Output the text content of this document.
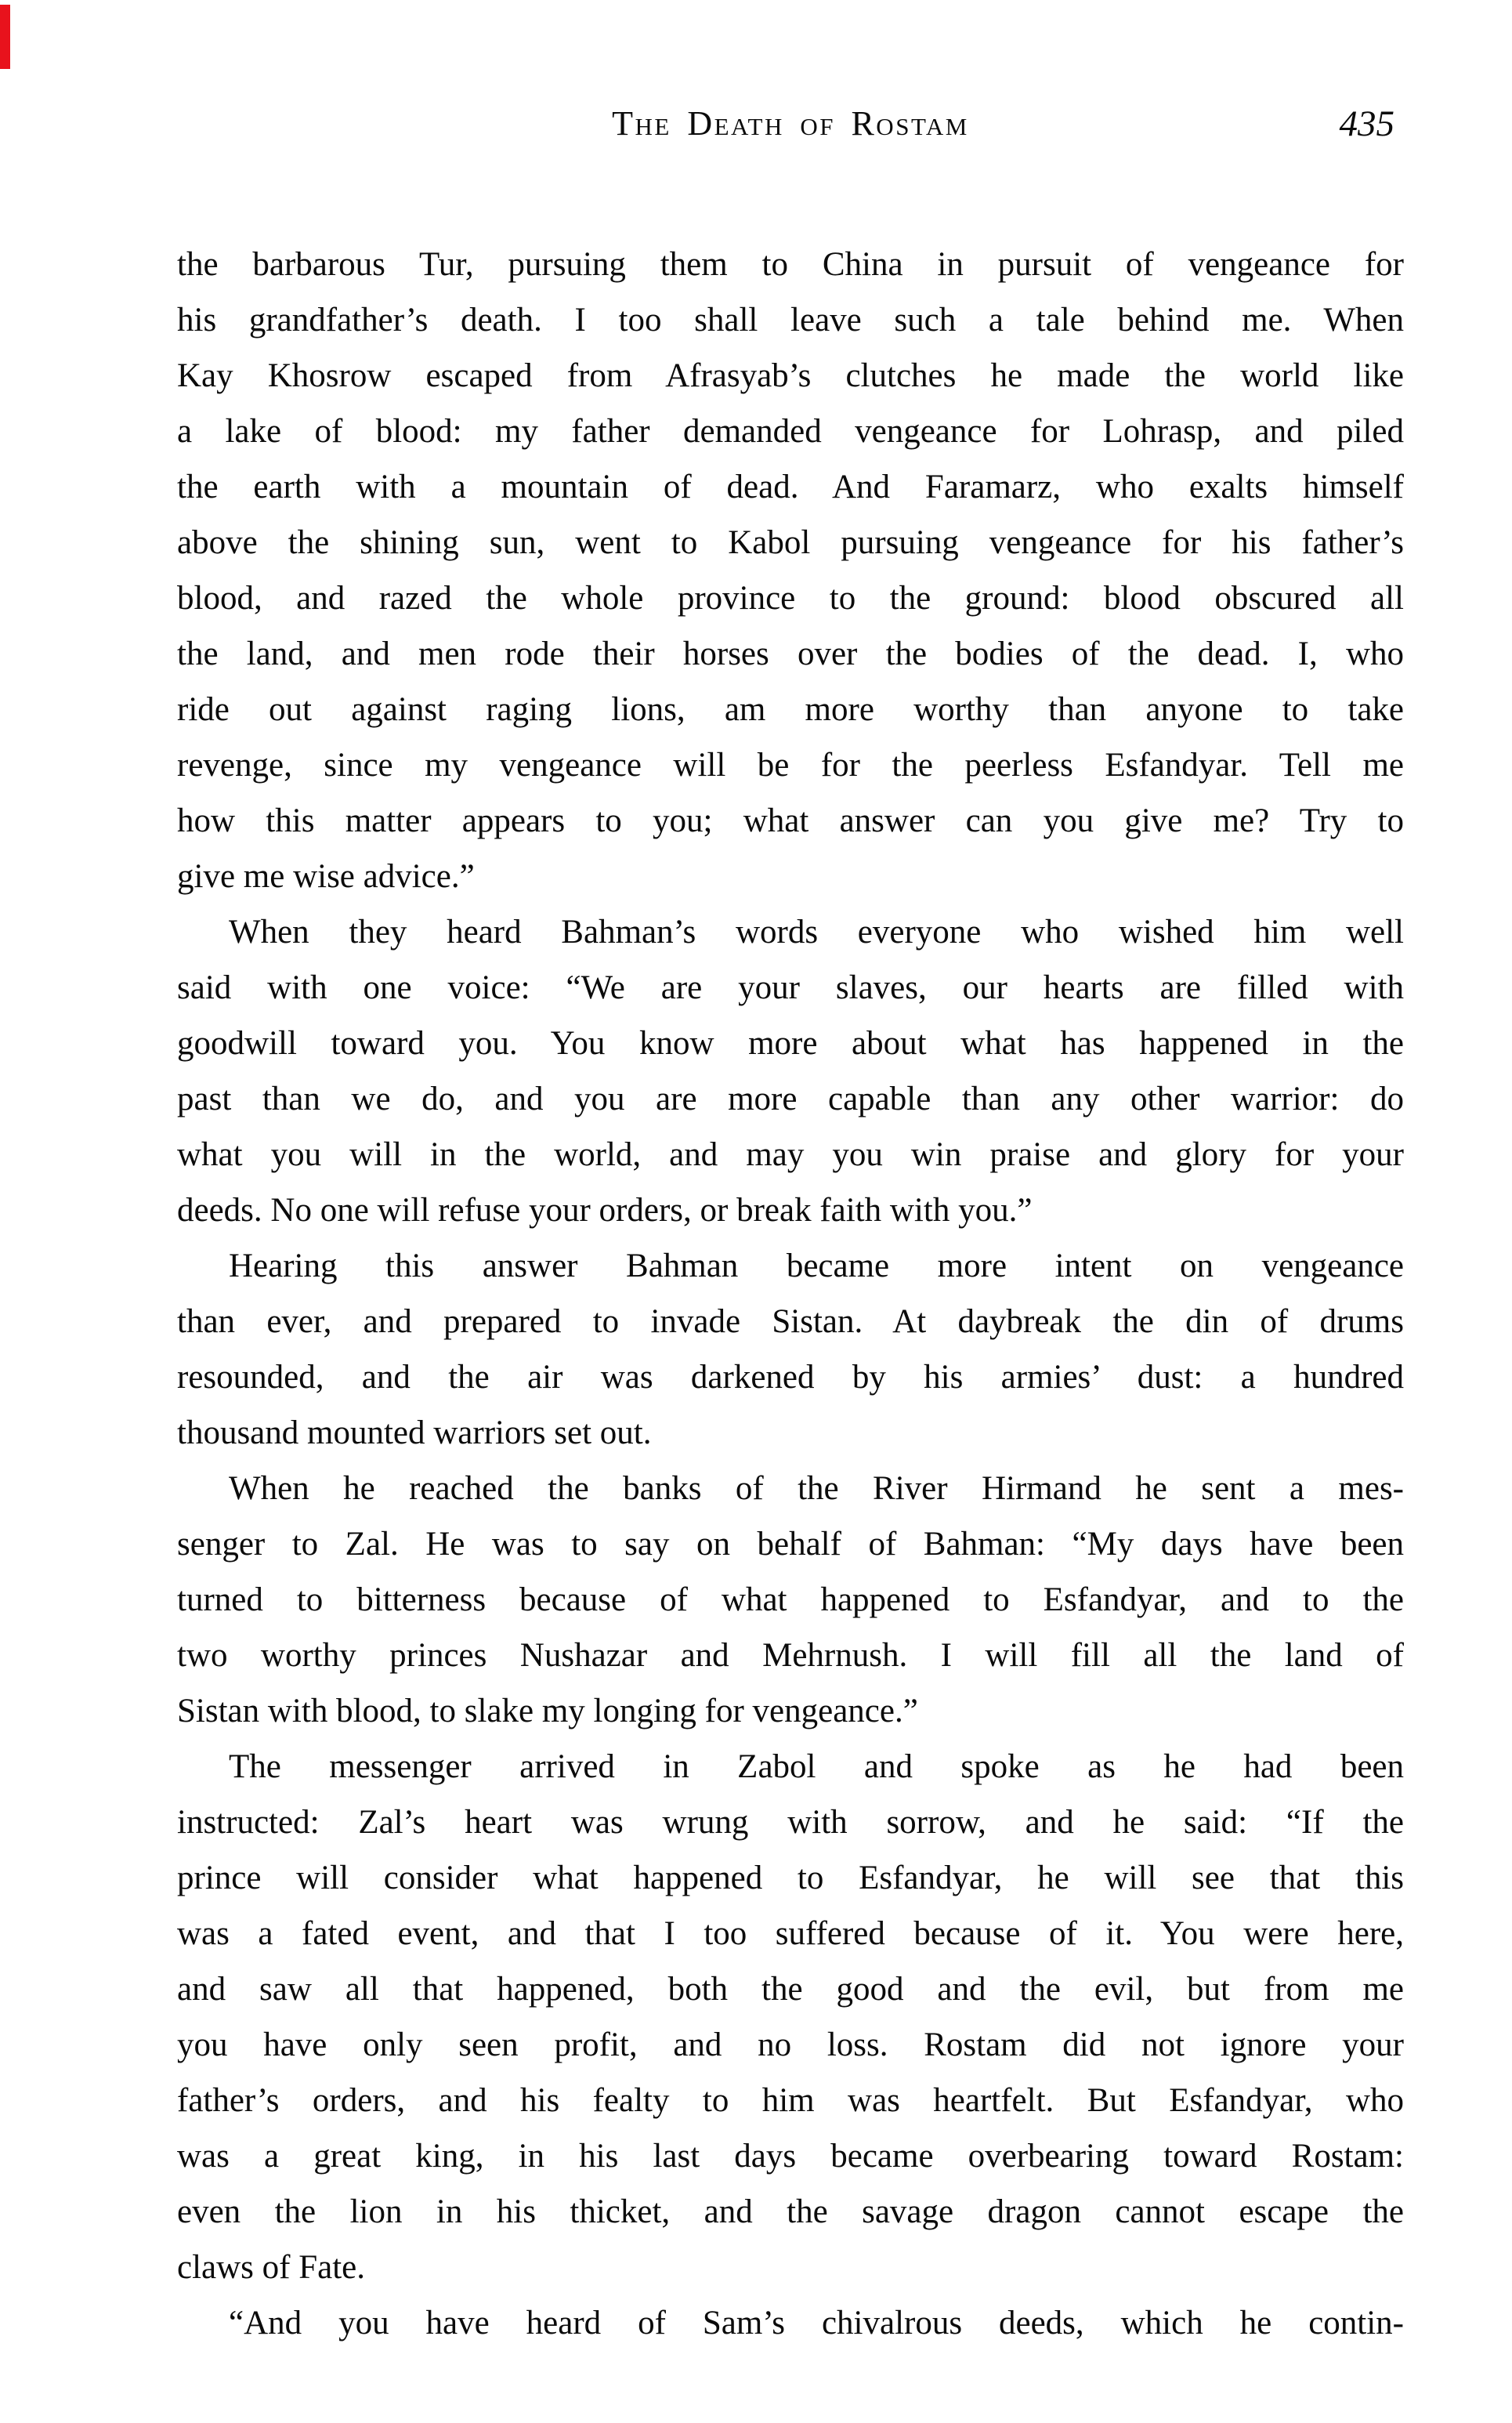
The Death of Rostam	435
the barbarous Tur, pursuing them to China in pursuit of vengeance for
his grandfather’s death. I too shall leave such a tale behind me. When
Kay Khosrow escaped from Afrasyab’s clutches he made the world like
a lake of blood: my father demanded vengeance for Lohrasp, and piled
the earth with a mountain of dead. And Faramarz, who exalts himself
above the shining sun, went to Kabol pursuing vengeance for his father’s
blood, and razed the whole province to the ground: blood obscured all
the land, and men rode their horses over the bodies of the dead. I, who
ride out against raging lions, am more worthy than anyone to take
revenge, since my vengeance will be for the peerless Esfandyar. Tell me
how this matter appears to you; what answer can you give me? Try to
give me wise advice.”
When they heard Bahman’s words everyone who wished him well
said with one voice: “We are your slaves, our hearts are filled with
goodwill toward you. You know more about what has happened in the
past than we do, and you are more capable than any other warrior: do
what you will in the world, and may you win praise and glory for your
deeds. No one will refuse your orders, or break faith with you.”
Hearing this answer Bahman became more intent on vengeance
than ever, and prepared to invade Sistan. At daybreak the din of drums
resounded, and the air was darkened by his armies’ dust: a hundred
thousand mounted warriors set out.
When he reached the banks of the River Hirmand he sent a mes-
senger to Zal. He was to say on behalf of Bahman: “My days have been
turned to bitterness because of what happened to Esfandyar, and to the
two worthy princes Nushazar and Mehrnush. I will fill all the land of
Sistan with blood, to slake my longing for vengeance.”
The messenger arrived in Zabol and spoke as he had been
instructed: Zal’s heart was wrung with sorrow, and he said: “If the
prince will consider what happened to Esfandyar, he will see that this
was a fated event, and that I too suffered because of it. You were here,
and saw all that happened, both the good and the evil, but from me
you have only seen profit, and no loss. Rostam did not ignore your
father’s orders, and his fealty to him was heartfelt. But Esfandyar, who
was a great king, in his last days became overbearing toward Rostam:
even the lion in his thicket, and the savage dragon cannot escape the
claws of Fate.
“And you have heard of Sam’s chivalrous deeds, which he contin-
